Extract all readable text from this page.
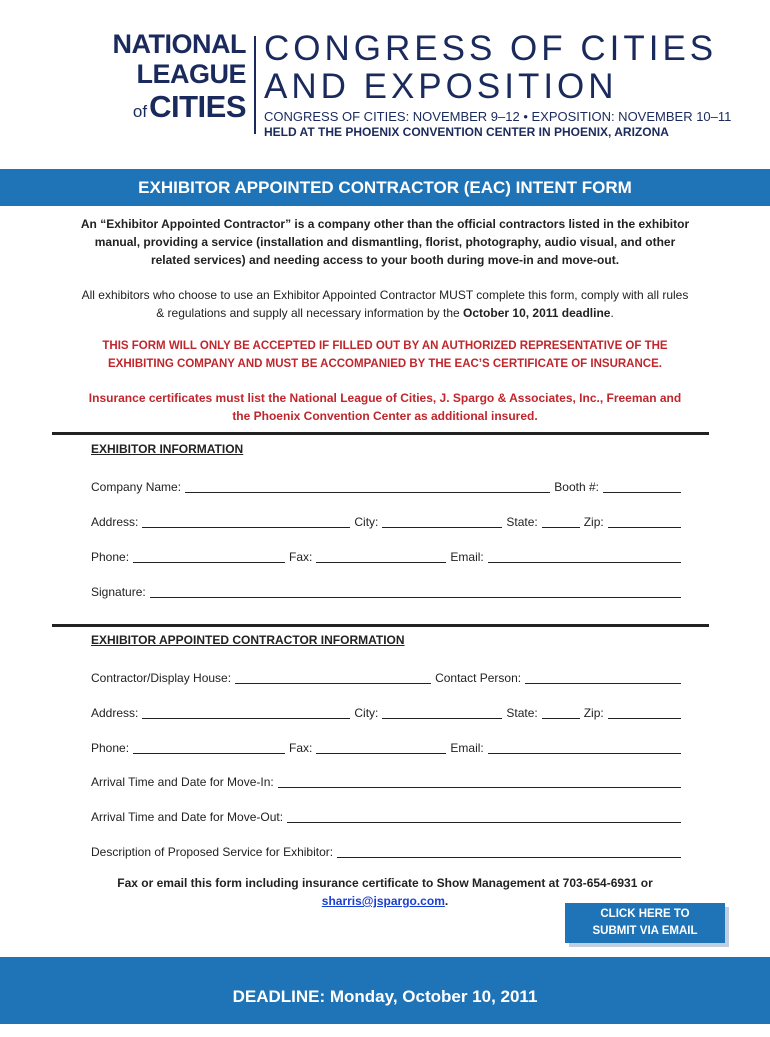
NATIONAL
LEAGUE
ofCITIES
CONGRESS OF CITIES
AND EXPOSITION
CONGRESS OF CITIES: NOVEMBER 9–12 • EXPOSITION: NOVEMBER 10–11
HELD AT THE PHOENIX CONVENTION CENTER IN PHOENIX, ARIZONA
EXHIBITOR APPOINTED CONTRACTOR (EAC) INTENT FORM
An “Exhibitor Appointed Contractor” is a company other than the official contractors listed in the exhibitor manual, providing a service (installation and dismantling, florist, photography, audio visual, and other related services) and needing access to your booth during move-in and move-out.
All exhibitors who choose to use an Exhibitor Appointed Contractor MUST complete this form, comply with all rules & regulations and supply all necessary information by the October 10, 2011 deadline.
THIS FORM WILL ONLY BE ACCEPTED IF FILLED OUT BY AN AUTHORIZED REPRESENTATIVE OF THE EXHIBITING COMPANY AND MUST BE ACCOMPANIED BY THE EAC’S CERTIFICATE OF INSURANCE.
Insurance certificates must list the National League of Cities, J. Spargo & Associates, Inc., Freeman and the Phoenix Convention Center as additional insured.
EXHIBITOR INFORMATION
Company Name:	Booth #:
Address:	City:	State:	Zip:
Phone:	Fax:	Email:
Signature:
EXHIBITOR APPOINTED CONTRACTOR INFORMATION
Contractor/Display House:	Contact Person:
Address:	City:	State:	Zip:
Phone:	Fax:	Email:
Arrival Time and Date for Move-In:
Arrival Time and Date for Move-Out:
Description of Proposed Service for Exhibitor:
Fax or email this form including insurance certificate to Show Management at 703-654-6931 or
sharris@jspargo.com.
CLICK HERE TO
SUBMIT VIA EMAIL
DEADLINE: Monday, October 10, 2011
